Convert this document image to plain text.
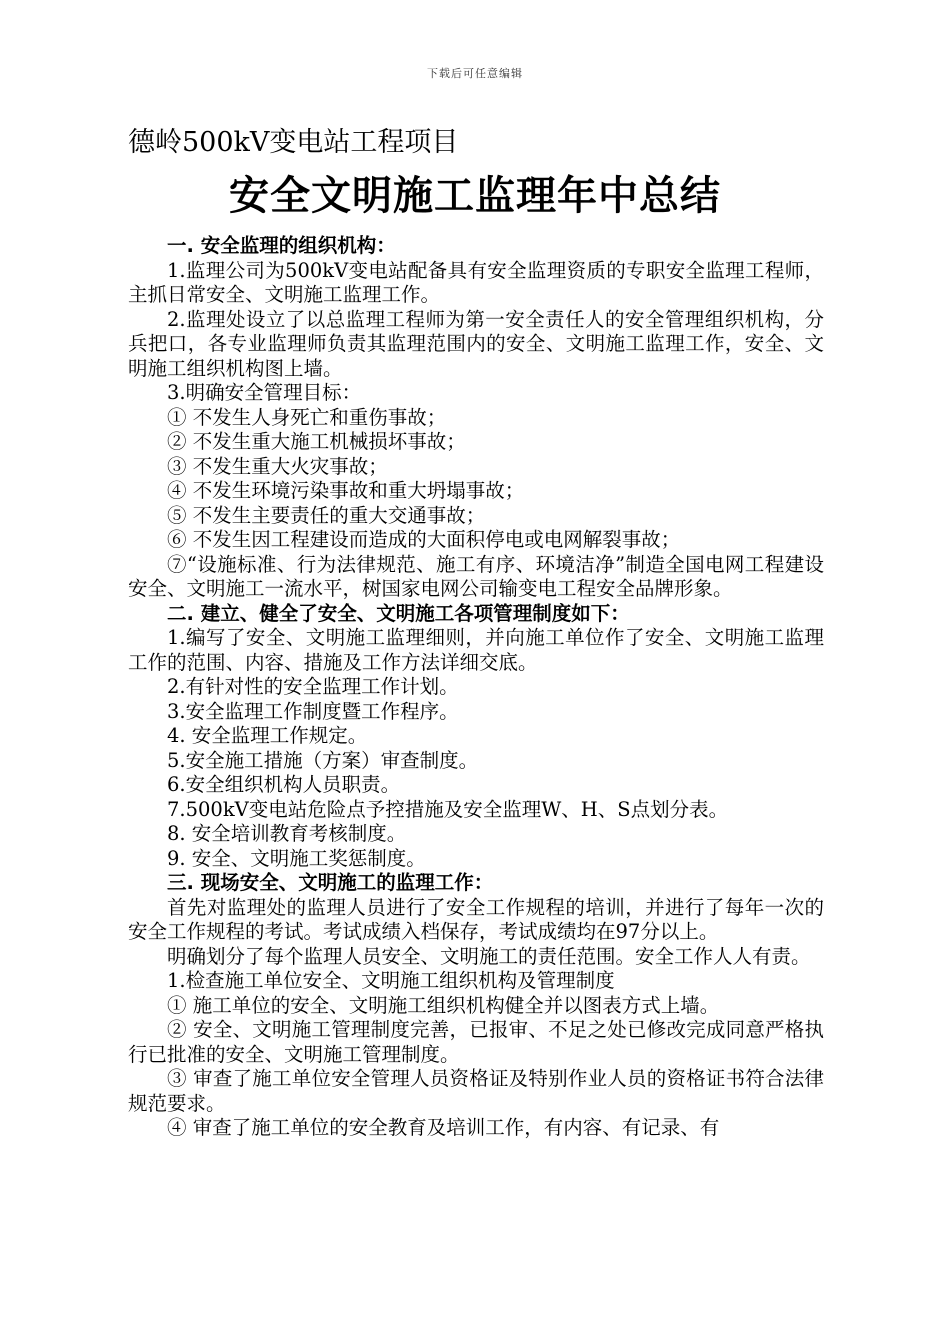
下载后可任意编辑
德岭500kV变电站工程项目
安全文明施工监理年中总结

一. 安全监理的组织机构：

1.监理公司为500kV变电站配备具有安全监理资质的专职安全监理工程师，主抓日常安全、文明施工监理工作。

2.监理处设立了以总监理工程师为第一安全责任人的安全管理组织机构，分兵把口，各专业监理师负责其监理范围内的安全、文明施工监理工作，安全、文明施工组织机构图上墙。

3.明确安全管理目标：

① 不发生人身死亡和重伤事故；

② 不发生重大施工机械损坏事故；

③ 不发生重大火灾事故；

④ 不发生环境污染事故和重大坍塌事故；

⑤ 不发生主要责任的重大交通事故；

⑥ 不发生因工程建设而造成的大面积停电或电网解裂事故；

⑦“设施标准、行为法律规范、施工有序、环境洁净”制造全国电网工程建设安全、文明施工一流水平，树国家电网公司输变电工程安全品牌形象。

二. 建立、健全了安全、文明施工各项管理制度如下：

1.编写了安全、文明施工监理细则，并向施工单位作了安全、文明施工监理工作的范围、内容、措施及工作方法详细交底。

2.有针对性的安全监理工作计划。

3.安全监理工作制度暨工作程序。

4. 安全监理工作规定。

5.安全施工措施（方案）审查制度。

6.安全组织机构人员职责。

7.500kV变电站危险点予控措施及安全监理W、H、S点划分表。

8. 安全培训教育考核制度。

9. 安全、文明施工奖惩制度。

三. 现场安全、文明施工的监理工作：

首先对监理处的监理人员进行了安全工作规程的培训，并进行了每年一次的安全工作规程的考试。考试成绩入档保存，考试成绩均在97分以上。

明确划分了每个监理人员安全、文明施工的责任范围。安全工作人人有责。

1.检查施工单位安全、文明施工组织机构及管理制度

① 施工单位的安全、文明施工组织机构健全并以图表方式上墙。

② 安全、文明施工管理制度完善，已报审、不足之处已修改完成同意严格执行已批准的安全、文明施工管理制度。

③ 审查了施工单位安全管理人员资格证及特别作业人员的资格证书符合法律规范要求。

④ 审查了施工单位的安全教育及培训工作，有内容、有记录、有
